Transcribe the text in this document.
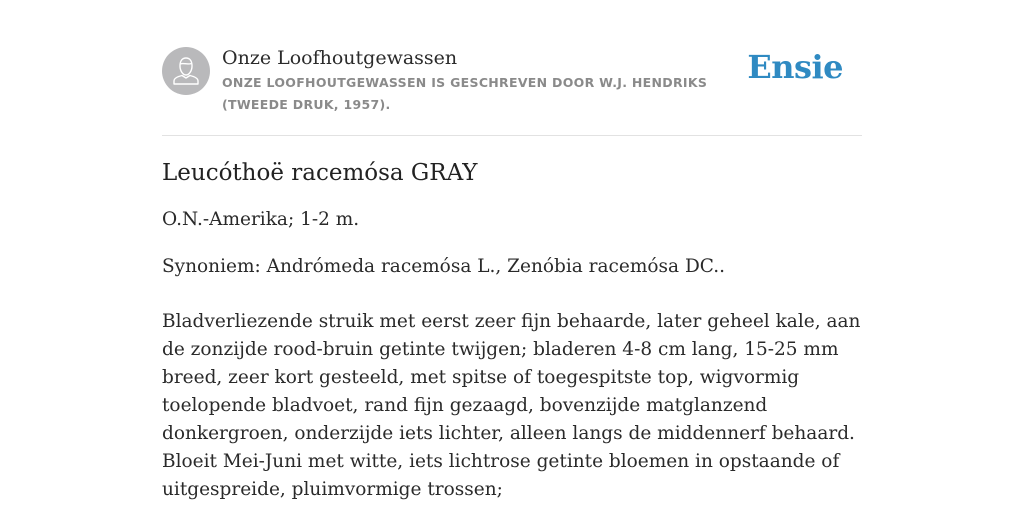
Onze Loofhoutgewassen

ONZE LOOFHOUTGEWASSEN IS GESCHREVEN DOOR W.J. HENDRIKS (TWEEDE DRUK, 1957).

Ensie
Leucóthoë racemósa GRAY

O.N.-Amerika; 1-2 m.

Synoniem: Andrómeda racemósa L., Zenóbia racemósa DC..

Bladverliezende struik met eerst zeer fijn behaarde, later geheel kale, aan de zonzijde rood-bruin getinte twijgen; bladeren 4-8 cm lang, 15-25 mm breed, zeer kort gesteeld, met spitse of toegespitste top, wigvormig toelopende bladvoet, rand fijn gezaagd, bovenzijde matglanzend donkergroen, onderzijde iets lichter, alleen langs de middennerf behaard. Bloeit Mei-Juni met witte, iets lichtrose getinte bloemen in opstaande of uitgespreide, pluimvormige trossen;
